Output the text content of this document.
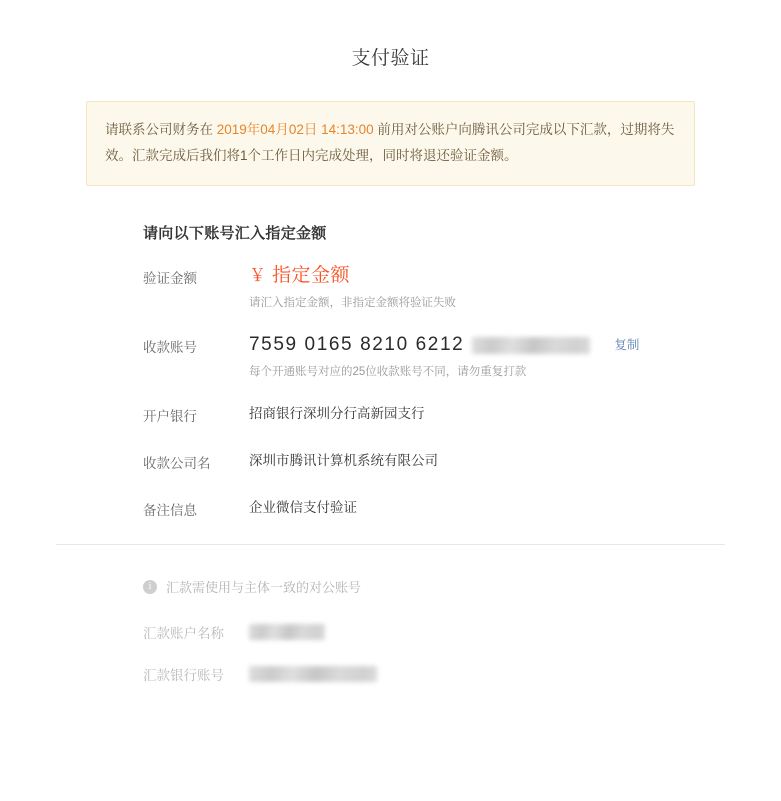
支付验证
请联系公司财务在 2019年04月02日 14:13:00 前用对公账户向腾讯公司完成以下汇款，过期将失效。汇款完成后我们将1个工作日内完成处理，同时将退还验证金额。
请向以下账号汇入指定金额
验证金额	￥ 指定金额
请汇入指定金额，非指定金额将验证失败
收款账号	7559 0165 8210 6212	复制
每个开通账号对应的25位收款账号不同，请勿重复打款
开户银行	招商银行深圳分行高新园支行
收款公司名	深圳市腾讯计算机系统有限公司
备注信息	企业微信支付验证
i	汇款需使用与主体一致的对公账号
汇款账户名称
汇款银行账号
